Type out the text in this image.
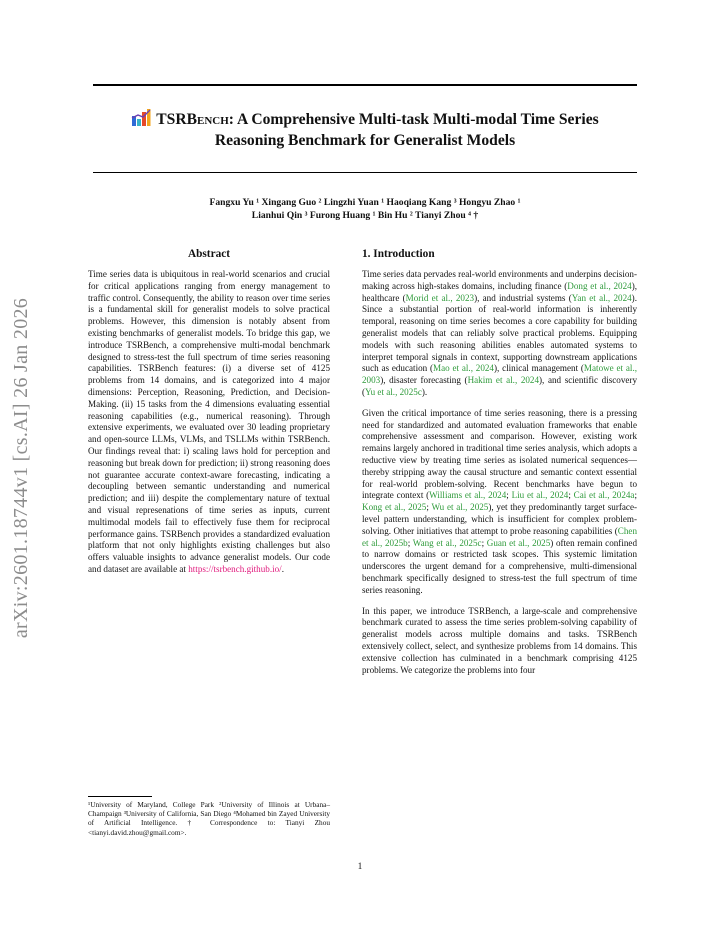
arXiv:2601.18744v1 [cs.AI] 26 Jan 2026
TSRBench: A Comprehensive Multi-task Multi-modal Time Series
Reasoning Benchmark for Generalist Models
Fangxu Yu ¹ Xingang Guo ² Lingzhi Yuan ¹ Haoqiang Kang ³ Hongyu Zhao ¹
Lianhui Qin ³ Furong Huang ¹ Bin Hu ² Tianyi Zhou ⁴ †
Abstract

Time series data is ubiquitous in real-world scenarios and crucial for critical applications ranging from energy management to traffic control. Consequently, the ability to reason over time series is a fundamental skill for generalist models to solve practical problems. However, this dimension is notably absent from existing benchmarks of generalist models. To bridge this gap, we introduce TSRBench, a comprehensive multi-modal benchmark designed to stress-test the full spectrum of time series reasoning capabilities. TSRBench features: (i) a diverse set of 4125 problems from 14 domains, and is categorized into 4 major dimensions: Perception, Reasoning, Prediction, and Decision-Making. (ii) 15 tasks from the 4 dimensions evaluating essential reasoning capabilities (e.g., numerical reasoning). Through extensive experiments, we evaluated over 30 leading proprietary and open-source LLMs, VLMs, and TSLLMs within TSRBench. Our findings reveal that: i) scaling laws hold for perception and reasoning but break down for prediction; ii) strong reasoning does not guarantee accurate context-aware forecasting, indicating a decoupling between semantic understanding and numerical prediction; and iii) despite the complementary nature of textual and visual represenations of time series as inputs, current multimodal models fail to effectively fuse them for reciprocal performance gains. TSRBench provides a standardized evaluation platform that not only highlights existing challenges but also offers valuable insights to advance generalist models. Our code and dataset are available at https://tsrbench.github.io/.

¹University of Maryland, College Park ²University of Illinois at Urbana–Champaign ³University of California, San Diego ⁴Mohamed bin Zayed University of Artificial Intelligence. † Correspondence to: Tianyi Zhou <tianyi.david.zhou@gmail.com>.
1. Introduction

Time series data pervades real-world environments and underpins decision-making across high-stakes domains, including finance (Dong et al., 2024), healthcare (Morid et al., 2023), and industrial systems (Yan et al., 2024). Since a substantial portion of real-world information is inherently temporal, reasoning on time series becomes a core capability for building generalist models that can reliably solve practical problems. Equipping models with such reasoning abilities enables automated systems to interpret temporal signals in context, supporting downstream applications such as education (Mao et al., 2024), clinical management (Matowe et al., 2003), disaster forecasting (Hakim et al., 2024), and scientific discovery (Yu et al., 2025c).

Given the critical importance of time series reasoning, there is a pressing need for standardized and automated evaluation frameworks that enable comprehensive assessment and comparison. However, existing work remains largely anchored in traditional time series analysis, which adopts a reductive view by treating time series as isolated numerical sequences—thereby stripping away the causal structure and semantic context essential for real-world problem-solving. Recent benchmarks have begun to integrate context (Williams et al., 2024; Liu et al., 2024; Cai et al., 2024a; Kong et al., 2025; Wu et al., 2025), yet they predominantly target surface-level pattern understanding, which is insufficient for complex problem-solving. Other initiatives that attempt to probe reasoning capabilities (Chen et al., 2025b; Wang et al., 2025c; Guan et al., 2025) often remain confined to narrow domains or restricted task scopes. This systemic limitation underscores the urgent demand for a comprehensive, multi-dimensional benchmark specifically designed to stress-test the full spectrum of time series reasoning.

In this paper, we introduce TSRBench, a large-scale and comprehensive benchmark curated to assess the time series problem-solving capability of generalist models across multiple domains and tasks. TSRBench extensively collect, select, and synthesize problems from 14 domains. This extensive collection has culminated in a benchmark comprising 4125 problems. We categorize the problems into four

1
